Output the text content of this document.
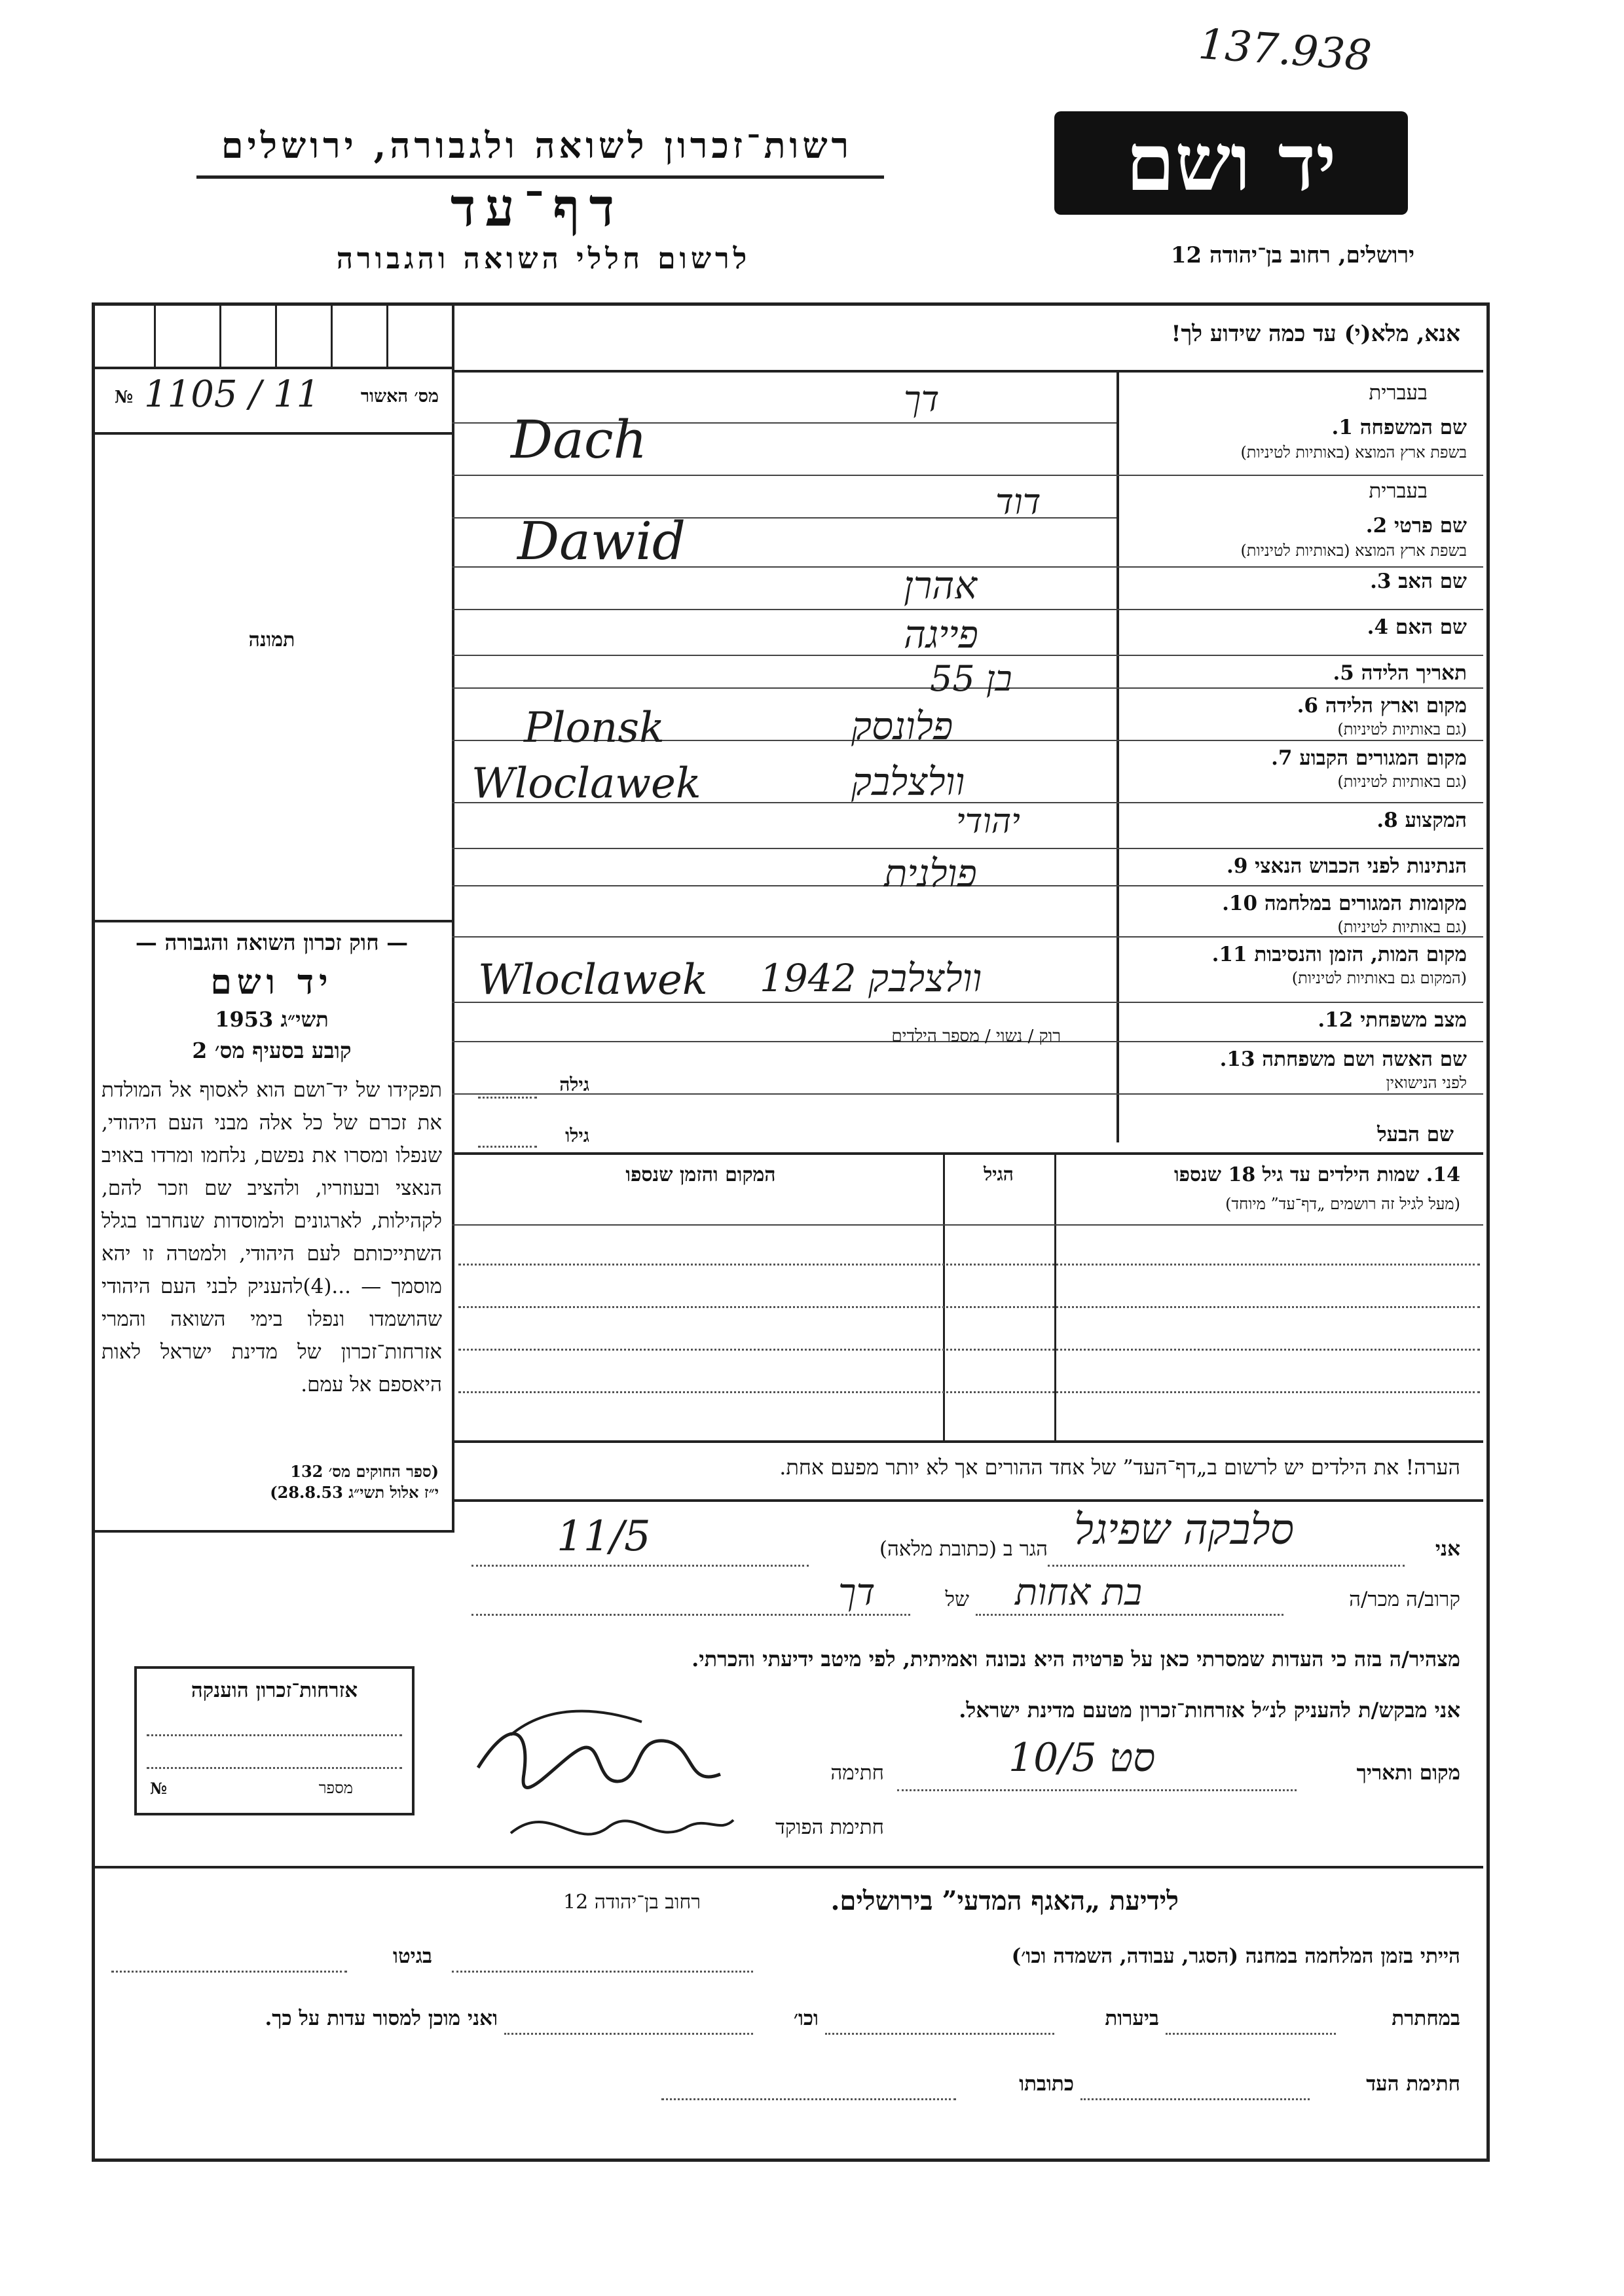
137.938
רשות־זכרון לשואה ולגבורה, ירושלים
דף־עד
לרשום חללי השואה והגבורה
יד ושם
ירושלים, רחוב בן־יהודה 12
מס׳ האשור
1105 / 11
№
תמונה
אנא, מלא(י) עד כמה שידוע לך!
שם המשפחה 1.
בשפת ארץ המוצא (באותיות לטיניות)
בעברית
שם פרטי 2.
בשפת ארץ המוצא (באותיות לטיניות)
בעברית
שם האב 3.
שם האם 4.
תאריך הלידה 5.
מקום וארץ הלידה 6.
(גם באותיות לטיניות)
מקום המגורים הקבוע 7.
(גם באותיות לטיניות)
המקצוע 8.
הנתינות לפני הכבוש הנאצי 9.
מקומות המגורים במלחמה 10.
(גם באותיות לטיניות)
מקום המות, הזמן והנסיבות 11.
(המקום גם באותיות לטיניות)
מצב משפחתי 12.
שם האשה ושם משפחתה 13.
לפני הנישואין
דך
Dach
דוד
Dawid
אהרן
פייגה
בן 55
פלונסק
Plonsk
וולצלבק
Wloclawek
יהודי
פולנית
וולצלבק 1942
Wloclawek
רוק / נשוי / מספר הילדים
גילה
שם הבעל
גילו
14. שמות הילדים עד גיל 18 שנספו
(מעל לגיל זה רושמים „דף־עד” מיוחד)
הגיל
המקום והזמן שנספו
הערה! את הילדים יש לרשום ב„דף־העד” של אחד ההורים אך לא יותר מפעם אחת.
— חוק זכרון השואה והגבורה —
יד ושם
תשי״ג 1953
קובע בסעיף מס׳ 2
תפקידו של יד־ושם הוא לאסוף אל המולדת את זכרם של כל אלה מבני העם היהודי, שנפלו ומסרו את נפשם, נלחמו ומרדו באויב הנאצי ובעוזריו, ולהציב שם וזכר להם, לקהילות, לארגונים ולמוסדות שנחרבו בגלל השתייכותם לעם היהודי, ולמטרה זו יהא מוסמך — ...(4)להעניק לבני העם היהודי שהושמדו ונפלו בימי השואה והמרי אזרחות־זכרון של מדינת ישראל לאות היאספם אל עמם.
(ספר החוקים מס׳ 132
י״ז אלול תשי״ג 28.8.53)
אני
סלבקה שפיגל
הגר ב (כתובת מלאה)
11/5
קרוב/ה מכר/ה
בת אחות
של
דך
מצהיר/ה בזה כי העדות שמסרתי כאן על פרטיה היא נכונה ואמיתית, לפי מיטב ידיעתי והכרתי.
אני מבקש/ת להעניק לנ״ל אזרחות־זכרון מטעם מדינת ישראל.
מקום ותאריך
סט 10/5
חתימה
חתימת הפוקד
אזרחות־זכרון הוענקה
מספר
№
לידיעת „האגף המדעי” בירושלים.
רחוב בן־יהודה 12
הייתי בזמן המלחמה במחנה (הסגר, עבודה, השמדה וכו׳)
בגיטו
במחתרת
ביערות
וכו׳
ואני מוכן למסור עדות על כך.
חתימת העד
כתובתו
